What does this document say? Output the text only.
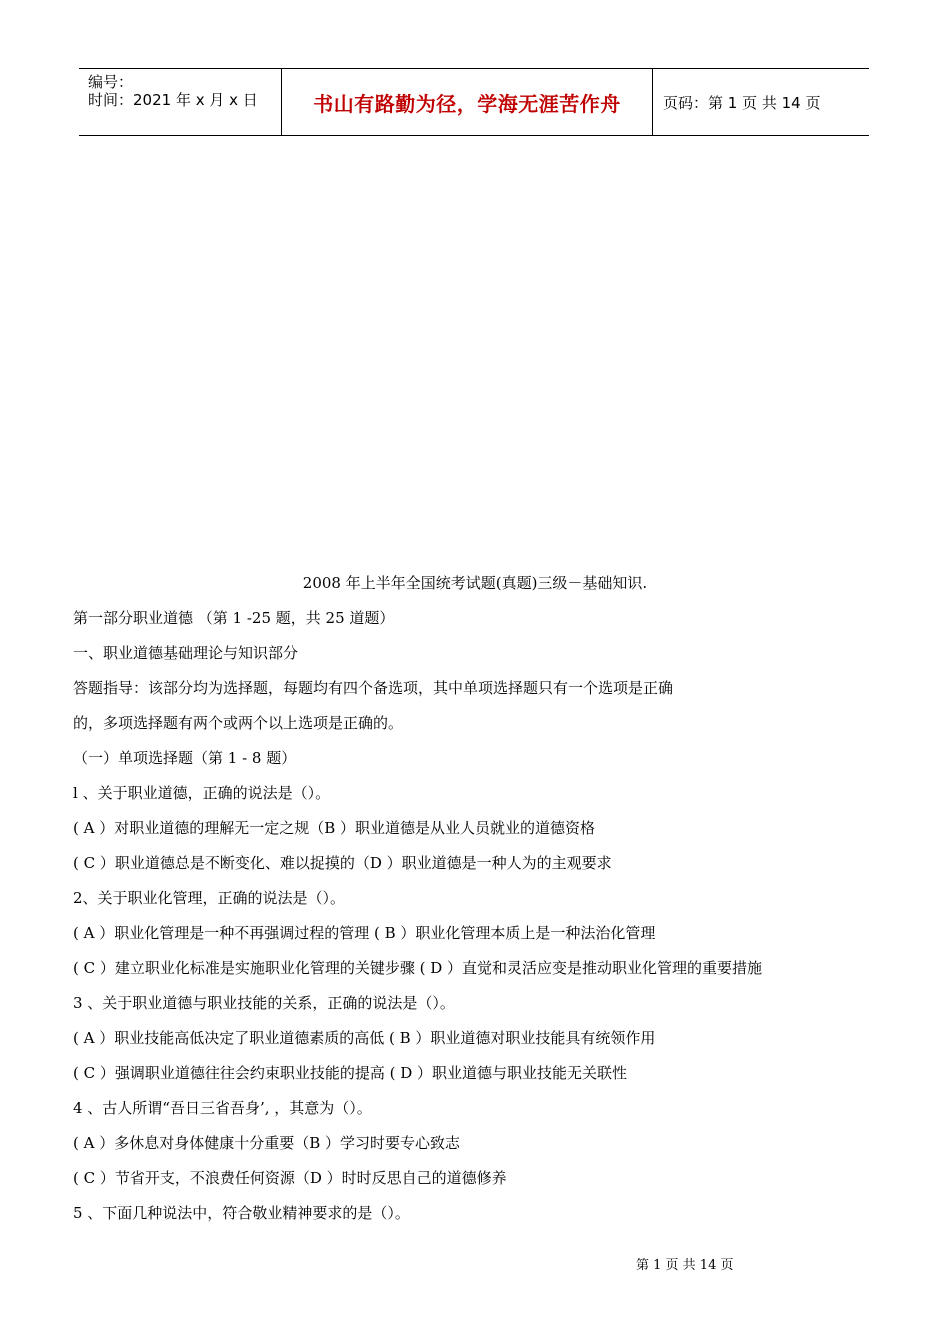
编号：
时间：2021 年 x 月 x 日	书山有路勤为径，学海无涯苦作舟	页码：第 1 页 共 14 页
2008 年上半年全国统考试题(真题)三级－基础知识.
第一部分职业道德 （第 1 -25 题，共 25 道题）
一、职业道德基础理论与知识部分
答题指导：该部分均为选择题，每题均有四个备选项，其中单项选择题只有一个选项是正确
的，多项选择题有两个或两个以上选项是正确的。
（一）单项选择题（第 1 - 8 题）
l 、关于职业道德，正确的说法是（）。
( A ）对职业道德的理解无一定之规（B ）职业道德是从业人员就业的道德资格
( C ）职业道德总是不断变化、难以捉摸的（D ）职业道德是一种人为的主观要求
2、关于职业化管理，正确的说法是（）。
( A ）职业化管理是一种不再强调过程的管理 ( B ）职业化管理本质上是一种法治化管理
( C ）建立职业化标准是实施职业化管理的关键步骤 ( D ）直觉和灵活应变是推动职业化管理的重要措施
3 、关于职业道德与职业技能的关系，正确的说法是（）。
( A ）职业技能高低决定了职业道德素质的高低 ( B ）职业道德对职业技能具有统领作用
( C ）强调职业道德往往会约束职业技能的提高 ( D ）职业道德与职业技能无关联性
4 、古人所谓“吾日三省吾身’, ，其意为（）。
( A ）多休息对身体健康十分重要（B ）学习时要专心致志
( C ）节省开支，不浪费任何资源（D ）时时反思自己的道德修养
5 、下面几种说法中，符合敬业精神要求的是（）。
第 1 页 共 14 页
